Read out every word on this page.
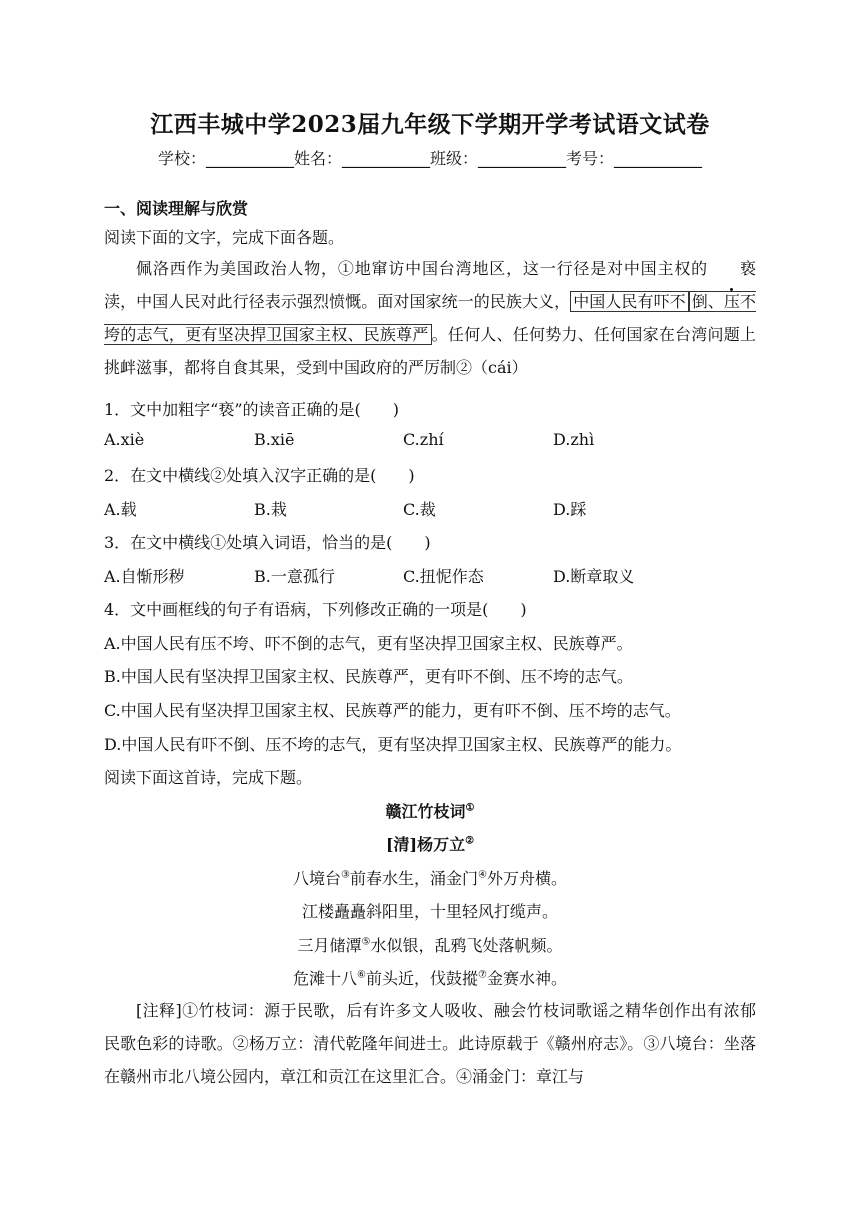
江西丰城中学2023届九年级下学期开学考试语文试卷
学校：___________姓名：___________班级：___________考号：___________
一、阅读理解与欣赏
阅读下面的文字，完成下面各题。

佩洛西作为美国政治人物，①地窜访中国台湾地区，这一行径是对中国主权的 亵渎，中国人民对此行径表示强烈愤慨。面对国家统一的民族大义， 中国人民有吓不 倒、压不垮的志气，更有坚决捍卫国家主权、民族尊严 。任何人、任何势力、任何国家在台湾问题上挑衅滋事，都将自食其果，受到中国政府的严厉制②（cái）

1．文中加粗字“亵”的读音正确的是(　　)
A.xiè	B.xiē	C.zhí	D.zhì
2．在文中横线②处填入汉字正确的是(　　)
A.载	B.栽	C.裁	D.踩
3．在文中横线①处填入词语，恰当的是(　　)
A.自惭形秽	B.一意孤行	C.扭怩作态	D.断章取义
4．文中画框线的句子有语病，下列修改正确的一项是(　　)
A.中国人民有压不垮、吓不倒的志气，更有坚决捍卫国家主权、民族尊严。
B.中国人民有坚决捍卫国家主权、民族尊严，更有吓不倒、压不垮的志气。
C.中国人民有坚决捍卫国家主权、民族尊严的能力，更有吓不倒、压不垮的志气。
D.中国人民有吓不倒、压不垮的志气，更有坚决捍卫国家主权、民族尊严的能力。
阅读下面这首诗，完成下题。
赣江竹枝词①
[清]杨万立②
八境台③前春水生，涌金门④外万舟横。
江楼矗矗斜阳里，十里轻风打缆声。
三月储潭⑤水似银，乱鸦飞处落帆频。
危滩十八⑥前头近，伐鼓摐⑦金赛水神。

[注释]①竹枝词：源于民歌，后有许多文人吸收、融会竹枝词歌谣之精华创作出有浓郁民歌色彩的诗歌。②杨万立：清代乾隆年间进士。此诗原载于《赣州府志》。③八境台：坐落在赣州市北八境公园内，章江和贡江在这里汇合。④涌金门：章江与
